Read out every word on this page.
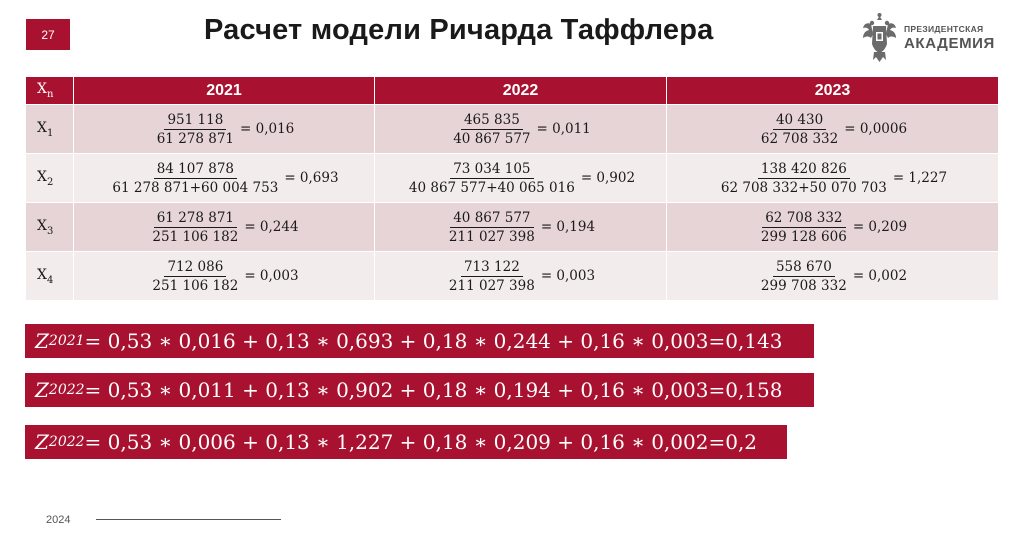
27	Расчет модели Ричарда Таффлера	ПРЕЗИДЕНТСКАЯ
АКАДЕМИЯ
$X_n$	2021	2022	2023
$X_1$	$\frac{951 118}{61 278 871} = 0,016$	$\frac{465 835}{40 867 577} = 0,011$	$\frac{40 430}{62 708 332} = 0,0006$

$X_2$	$\frac{84 107 878}{61 278 871+60 004 753} = 0,693$	$\frac{73 034 105}{40 867 577+40 065 016} = 0,902$	$\frac{138 420 826}{62 708 332+50 070 703} = 1,227$

$X_3$	$\frac{61 278 871}{251 106 182} = 0,244$	$\frac{40 867 577}{211 027 398} = 0,194$	$\frac{62 708 332}{299 128 606} = 0,209$

$X_4$	$\frac{712 086}{251 106 182} = 0,003$	$\frac{713 122}{211 027 398} = 0,003$	$\frac{558 670}{299 708 332} = 0,002$
Z 2021 = 0,53 ∗ 0,016 + 0,13 ∗ 0,693 + 0,18 ∗ 0,244 + 0,16 ∗ 0,003=0,143
Z 2022 = 0,53 ∗ 0,011 + 0,13 ∗ 0,902 + 0,18 ∗ 0,194 + 0,16 ∗ 0,003=0,158
Z 2022 = 0,53 ∗ 0,006 + 0,13 ∗ 1,227 + 0,18 ∗ 0,209 + 0,16 ∗ 0,002=0,2
2024
